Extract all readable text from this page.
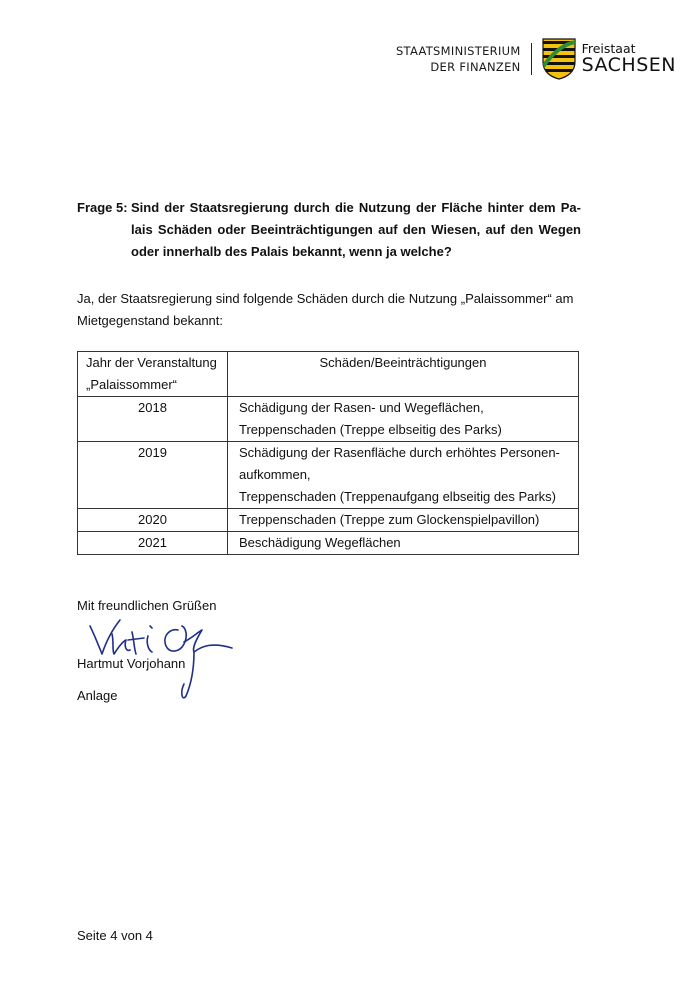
STAATSMINISTERIUM
DER FINANZEN
Freistaat
SACHSEN
Frage 5: Sind der Staatsregierung durch die Nutzung der Fläche hinter dem Palais Schäden oder Beeinträchtigungen auf den Wiesen, auf den Wegen oder innerhalb des Palais bekannt, wenn ja welche?
Ja, der Staatsregierung sind folgende Schäden durch die Nutzung „Palaissommer“ am Mietgegenstand bekannt:
Jahr der Veranstaltung „Palaissommer“	Schäden/Beeinträchtigungen
2018	Schädigung der Rasen- und Wegeflächen,
Treppenschaden (Treppe elbseitig des Parks)

2019	Schädigung der Rasenfläche durch erhöhtes Personen-aufkommen,
Treppenschaden (Treppenaufgang elbseitig des Parks)

2020	Treppenschaden (Treppe zum Glockenspielpavillon)

2021	Beschädigung Wegeflächen
Mit freundlichen Grüßen
Hartmut Vorjohann
Anlage
Seite 4 von 4
